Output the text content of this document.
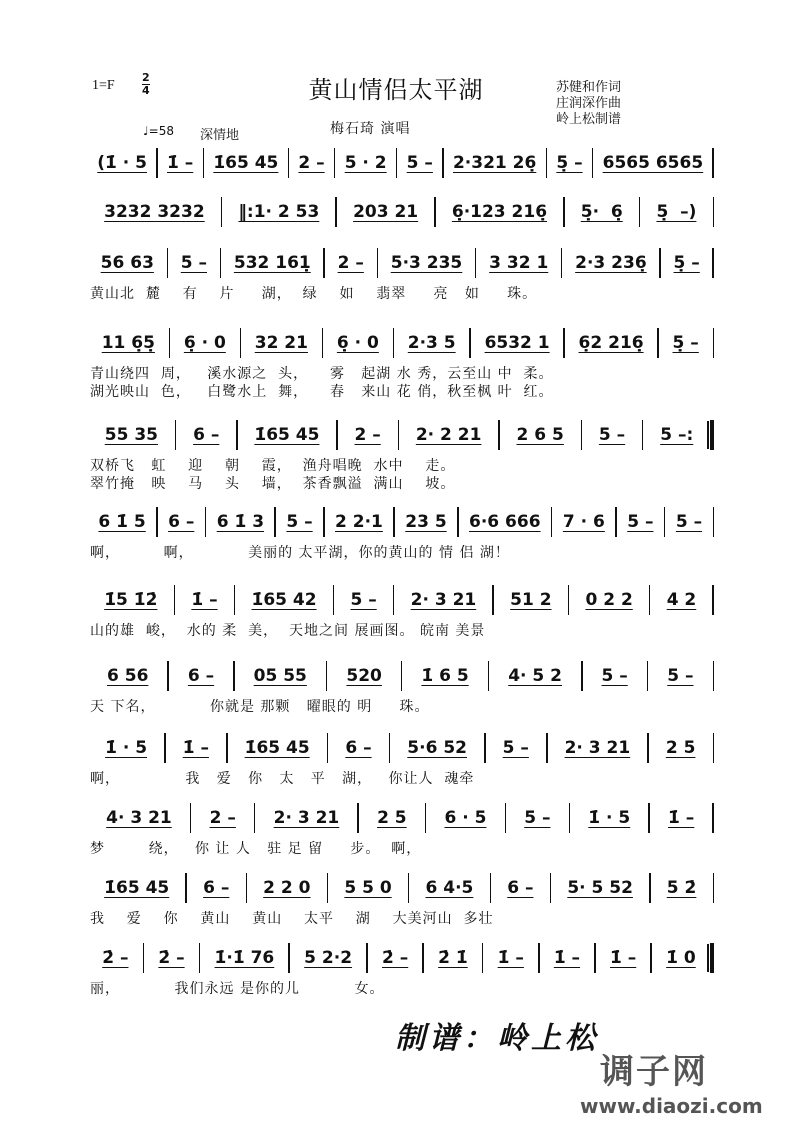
黄山情侣太平湖
1=F
2
4
♩=58 深情地	梅石琦 演唱
苏健和作词
庄润深作曲
岭上松制谱
(1̇ · 5	1̇ –	1̇65 45	2 –	5 · 2	5 –	2·321 26̣	5̣ –	6565 6565
3232 3232	‖:1· 2 53	203 21	6̣·123 216̣	5̣·  6̣	5̣  –)
56 63	5 –	532 161̣	2 –	5·3 235	3 32 1	2·3 236̣	5̣ –
黄山北  麓    有    片     湖，  绿    如    翡翠     亮   如     珠。
11 6̣5̣	6̣ · 0	32 21	6̣ · 0	2·3 5	6532 1	6̣2 216̣	5̣ –
青山绕四  周，   溪水源之  头，    雾   起湖 水 秀，云至山 中  柔。
湖光映山  色，   白鹭水上  舞，    春   来山 花 俏，秋至枫 叶  红。
55 35	6 –	1̇65 45	2 –	2· 2 21	2 6 5	5 –	5 –:
双桥飞   虹    迎    朝    霞，  渔舟唱晚  水中    走。
翠竹掩   映    马    头    墙，  茶香飘溢  满山    坡。
6 1̇ 5	6 –	6 1̇ 3	5 –	2 2·1	23 5	6·6 666	7 · 6	5 –	5 –
啊，        啊，          美丽的 太平湖，你的黄山的 情 侣 湖！
1̇5 1̇2̇	1̇ –	1̇65 42	5 –	2· 3 21	51 2	0 2 2	4 2
山的雄  峻，  水的 柔  美，  天地之间 展画图。 皖南 美景
6 56	6 –	05 55	520	1̇ 6 5	4· 5 2	5 –	5 –
天 下名，          你就是 那颗   曜眼的 明     珠。
1̇ · 5	1̇ –	1̇65 45	6 –	5·6 52	5 –	2· 3 21	2 5
啊，            我   爱   你   太   平   湖，   你让人  魂牵
4· 3 21	2 –	2· 3 21	2 5	6 · 5	5 –	1̇ · 5	1̇ –
梦        绕，   你 让 人   驻 足 留     步。  啊，
1̇65 45	6 –	2 2 0	5 5 0	6 4·5	6 –	5· 5 52	5 2̇
我    爱    你    黄山    黄山    太平    湖    大美河山  多壮
2̇ –	2̇ –	1̇·1̇ 76	5 2·2	2̇ –	2̇ 1̇	1̇ –	1̇ –	1̇ –	1̇ 0
丽，          我们永远 是你的儿          女。
制谱：岭上松
调子网
www.diaozi.com
